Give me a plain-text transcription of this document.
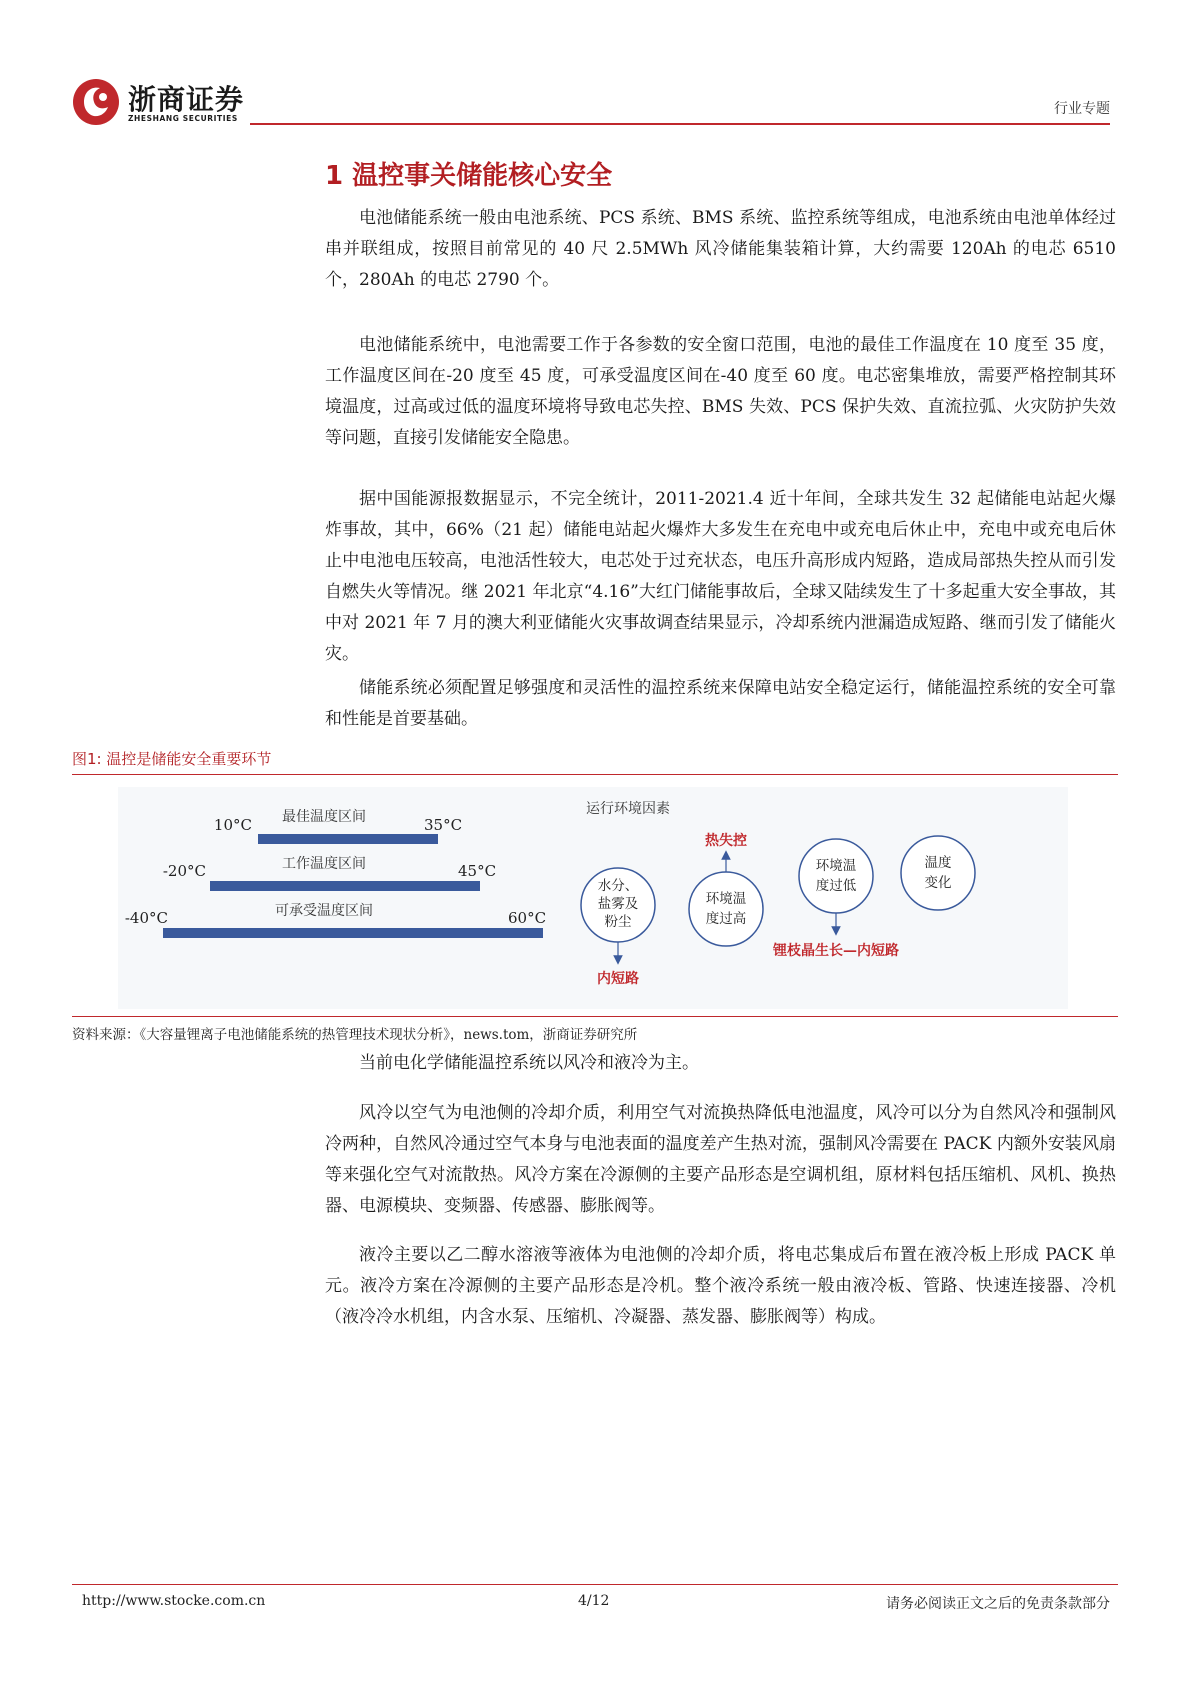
浙商证券
ZHESHANG SECURITIES
行业专题
1 温控事关储能核心安全

电池储能系统一般由电池系统、PCS 系统、BMS 系统、监控系统等组成，电池系统由电池单体经过串并联组成，按照目前常见的 40 尺 2.5MWh 风冷储能集装箱计算，大约需要 120Ah 的电芯 6510 个，280Ah 的电芯 2790 个。

电池储能系统中，电池需要工作于各参数的安全窗口范围，电池的最佳工作温度在 10 度至 35 度，工作温度区间在-20 度至 45 度，可承受温度区间在-40 度至 60 度。电芯密集堆放，需要严格控制其环境温度，过高或过低的温度环境将导致电芯失控、BMS 失效、PCS 保护失效、直流拉弧、火灾防护失效等问题，直接引发储能安全隐患。

据中国能源报数据显示，不完全统计，2011-2021.4 近十年间，全球共发生 32 起储能电站起火爆炸事故，其中，66%（21 起）储能电站起火爆炸大多发生在充电中或充电后休止中，充电中或充电后休止中电池电压较高，电池活性较大，电芯处于过充状态，电压升高形成内短路，造成局部热失控从而引发自燃失火等情况。继 2021 年北京“4.16”大红门储能事故后，全球又陆续发生了十多起重大安全事故，其中对 2021 年 7 月的澳大利亚储能火灾事故调查结果显示，冷却系统内泄漏造成短路、继而引发了储能火灾。

储能系统必须配置足够强度和灵活性的温控系统来保障电站安全稳定运行，储能温控系统的安全可靠和性能是首要基础。

图1: 温控是储能安全重要环节
最佳温度区间
10°C	35°C
工作温度区间
-20°C	45°C
可承受温度区间
-40°C	60°C
运行环境因素
水分、
盐雾及
粉尘
内短路
环境温
度过高
热失控
环境温
度过低
锂枝晶生长—内短路
温度
变化
资料来源：《大容量锂离子电池储能系统的热管理技术现状分析》，news.tom，浙商证券研究所

当前电化学储能温控系统以风冷和液冷为主。

风冷以空气为电池侧的冷却介质，利用空气对流换热降低电池温度，风冷可以分为自然风冷和强制风冷两种，自然风冷通过空气本身与电池表面的温度差产生热对流，强制风冷需要在 PACK 内额外安装风扇等来强化空气对流散热。风冷方案在冷源侧的主要产品形态是空调机组，原材料包括压缩机、风机、换热器、电源模块、变频器、传感器、膨胀阀等。

液冷主要以乙二醇水溶液等液体为电池侧的冷却介质，将电芯集成后布置在液冷板上形成 PACK 单元。液冷方案在冷源侧的主要产品形态是冷机。整个液冷系统一般由液冷板、管路、快速连接器、冷机（液冷冷水机组，内含水泵、压缩机、冷凝器、蒸发器、膨胀阀等）构成。

http://www.stocke.com.cn	4/12	请务必阅读正文之后的免责条款部分
